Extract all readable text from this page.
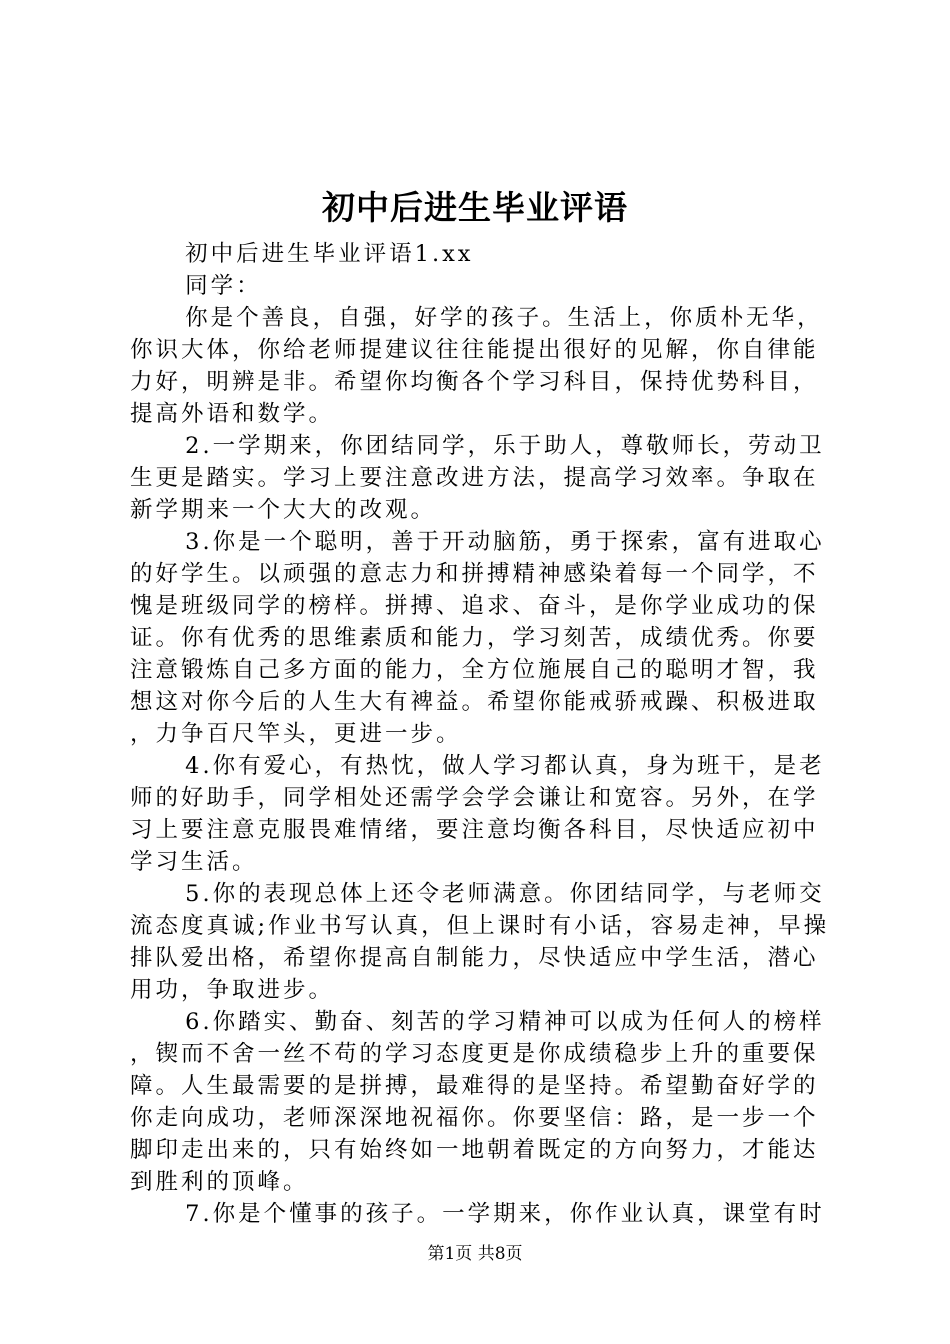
初中后进生毕业评语

初中后进生毕业评语1.xx

同学：

你是个善良，自强，好学的孩子。生活上，你质朴无华，你识大体，你给老师提建议往往能提出很好的见解，你自律能力好，明辨是非。希望你均衡各个学习科目，保持优势科目，提高外语和数学。

2.一学期来，你团结同学，乐于助人，尊敬师长，劳动卫生更是踏实。学习上要注意改进方法，提高学习效率。争取在新学期来一个大大的改观。

3.你是一个聪明，善于开动脑筋，勇于探索，富有进取心的好学生。以顽强的意志力和拼搏精神感染着每一个同学，不愧是班级同学的榜样。拼搏、追求、奋斗，是你学业成功的保证。你有优秀的思维素质和能力，学习刻苦，成绩优秀。你要注意锻炼自己多方面的能力，全方位施展自己的聪明才智，我想这对你今后的人生大有裨益。希望你能戒骄戒躁、积极进取，力争百尺竿头，更进一步。

4.你有爱心，有热忱，做人学习都认真，身为班干，是老师的好助手，同学相处还需学会学会谦让和宽容。另外，在学习上要注意克服畏难情绪，要注意均衡各科目，尽快适应初中学习生活。

5.你的表现总体上还令老师满意。你团结同学，与老师交流态度真诚;作业书写认真，但上课时有小话，容易走神，早操排队爱出格，希望你提高自制能力，尽快适应中学生活，潜心用功，争取进步。

6.你踏实、勤奋、刻苦的学习精神可以成为任何人的榜样，锲而不舍一丝不苟的学习态度更是你成绩稳步上升的重要保障。人生最需要的是拼搏，最难得的是坚持。希望勤奋好学的你走向成功，老师深深地祝福你。你要坚信：路，是一步一个脚印走出来的，只有始终如一地朝着既定的方向努力，才能达到胜利的顶峰。

7.你是个懂事的孩子。一学期来，你作业认真，课堂有时

第1页 共8页
